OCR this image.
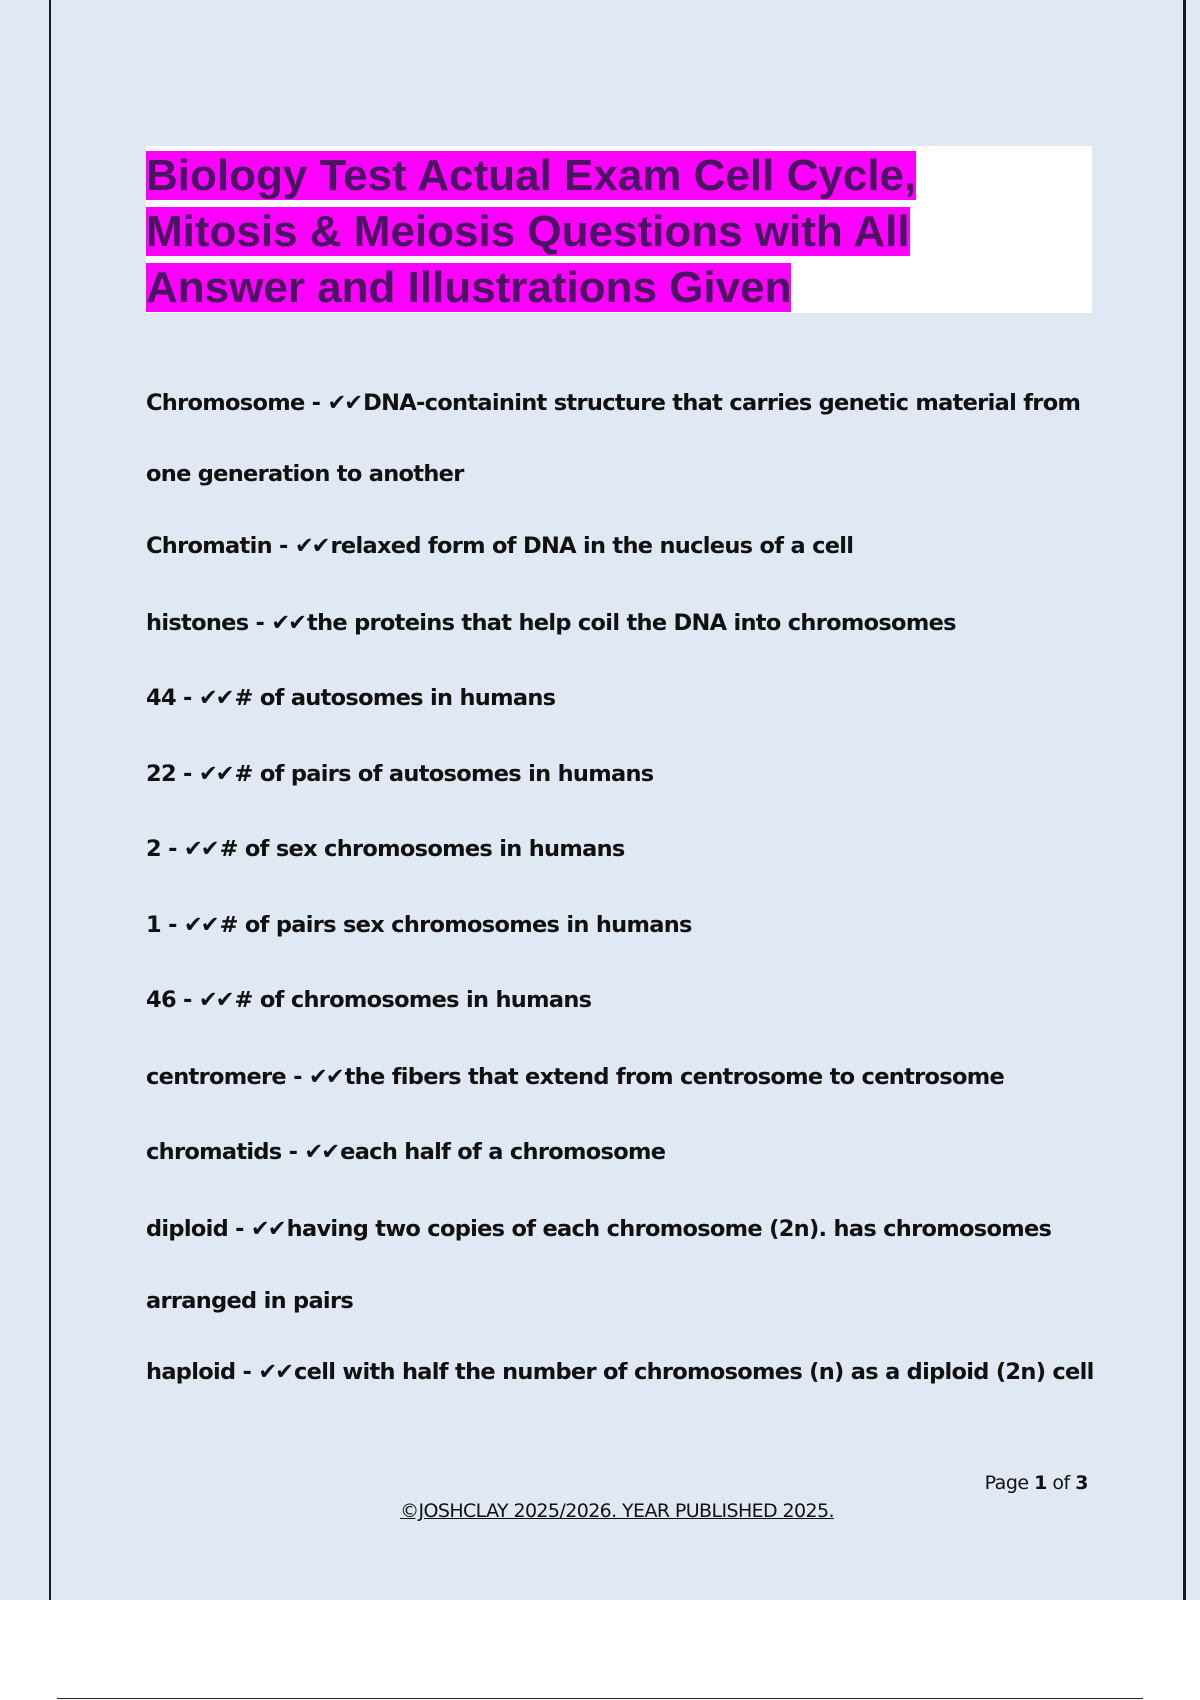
Biology Test Actual Exam Cell Cycle, Mitosis & Meiosis Questions with All Answer and Illustrations Given

Chromosome - ✔✔DNA-containint structure that carries genetic material from

one generation to another

Chromatin - ✔✔relaxed form of DNA in the nucleus of a cell

histones - ✔✔the proteins that help coil the DNA into chromosomes

44 - ✔✔# of autosomes in humans

22 - ✔✔# of pairs of autosomes in humans

2 - ✔✔# of sex chromosomes in humans

1 - ✔✔# of pairs sex chromosomes in humans

46 - ✔✔# of chromosomes in humans

centromere - ✔✔the fibers that extend from centrosome to centrosome

chromatids - ✔✔each half of a chromosome

diploid - ✔✔having two copies of each chromosome (2n). has chromosomes

arranged in pairs

haploid - ✔✔cell with half the number of chromosomes (n) as a diploid (2n) cell

Page 1 of 3
©JOSHCLAY 2025/2026. YEAR PUBLISHED 2025.
